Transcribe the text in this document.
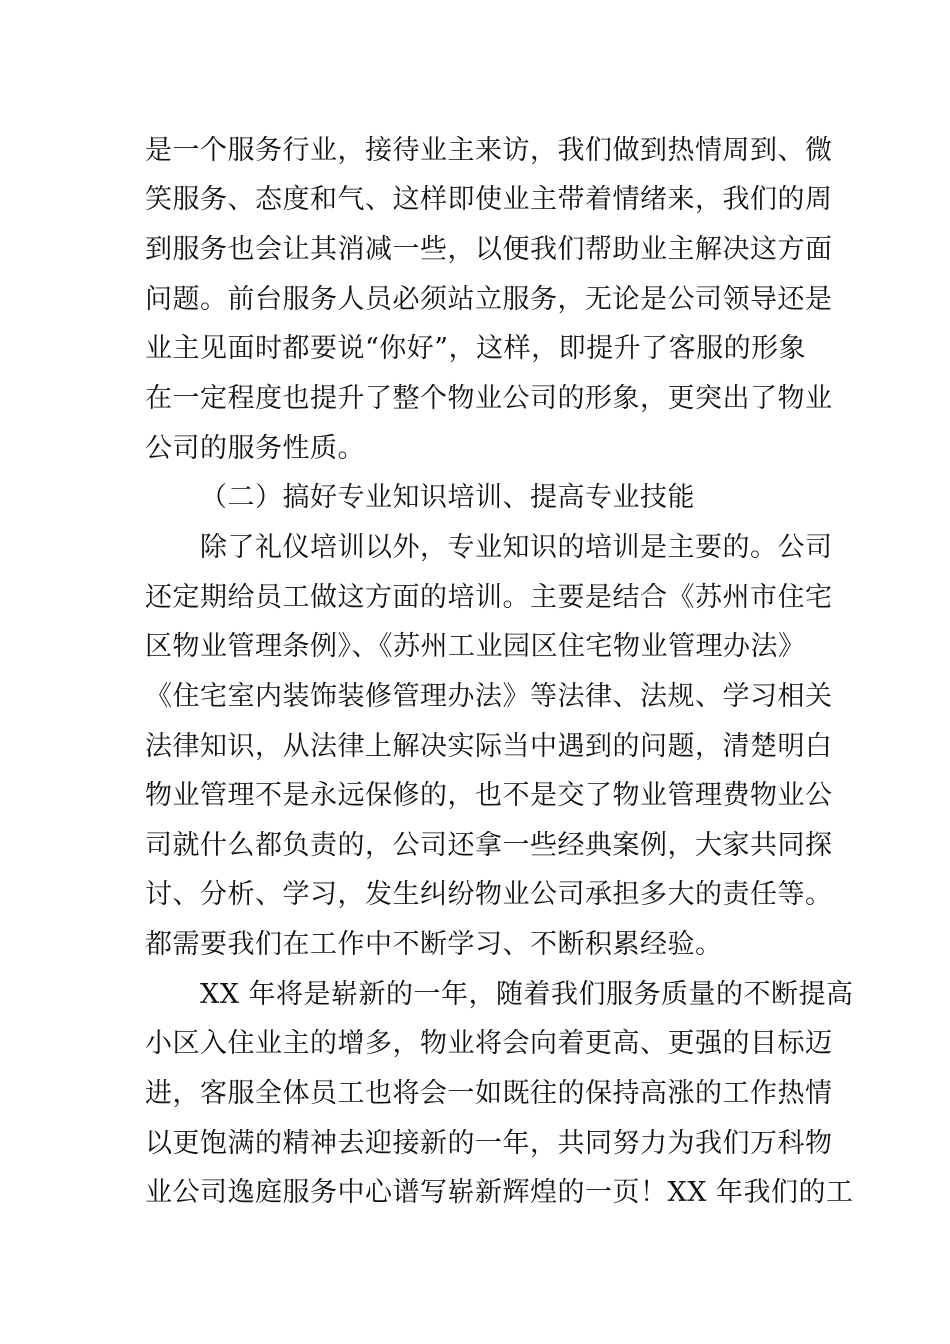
是一个服务行业，接待业主来访，我们做到热情周到、微
笑服务、态度和气、这样即使业主带着情绪来，我们的周
到服务也会让其消减一些，以便我们帮助业主解决这方面
问题。前台服务人员必须站立服务，无论是公司领导还是
业主见面时都要说“你好”，这样，即提升了客服的形象
在一定程度也提升了整个物业公司的形象，更突出了物业
公司的服务性质。
（二）搞好专业知识培训、提高专业技能
除了礼仪培训以外，专业知识的培训是主要的。公司
还定期给员工做这方面的培训。主要是结合《苏州市住宅
区物业管理条例》、《苏州工业园区住宅物业管理办法》
《住宅室内装饰装修管理办法》等法律、法规、学习相关
法律知识，从法律上解决实际当中遇到的问题，清楚明白
物业管理不是永远保修的，也不是交了物业管理费物业公
司就什么都负责的，公司还拿一些经典案例，大家共同探
讨、分析、学习，发生纠纷物业公司承担多大的责任等。
都需要我们在工作中不断学习、不断积累经验。
XX 年将是崭新的一年，随着我们服务质量的不断提高
小区入住业主的增多，物业将会向着更高、更强的目标迈
进，客服全体员工也将会一如既往的保持高涨的工作热情
以更饱满的精神去迎接新的一年，共同努力为我们万科物
业公司逸庭服务中心谱写崭新辉煌的一页！XX 年我们的工
